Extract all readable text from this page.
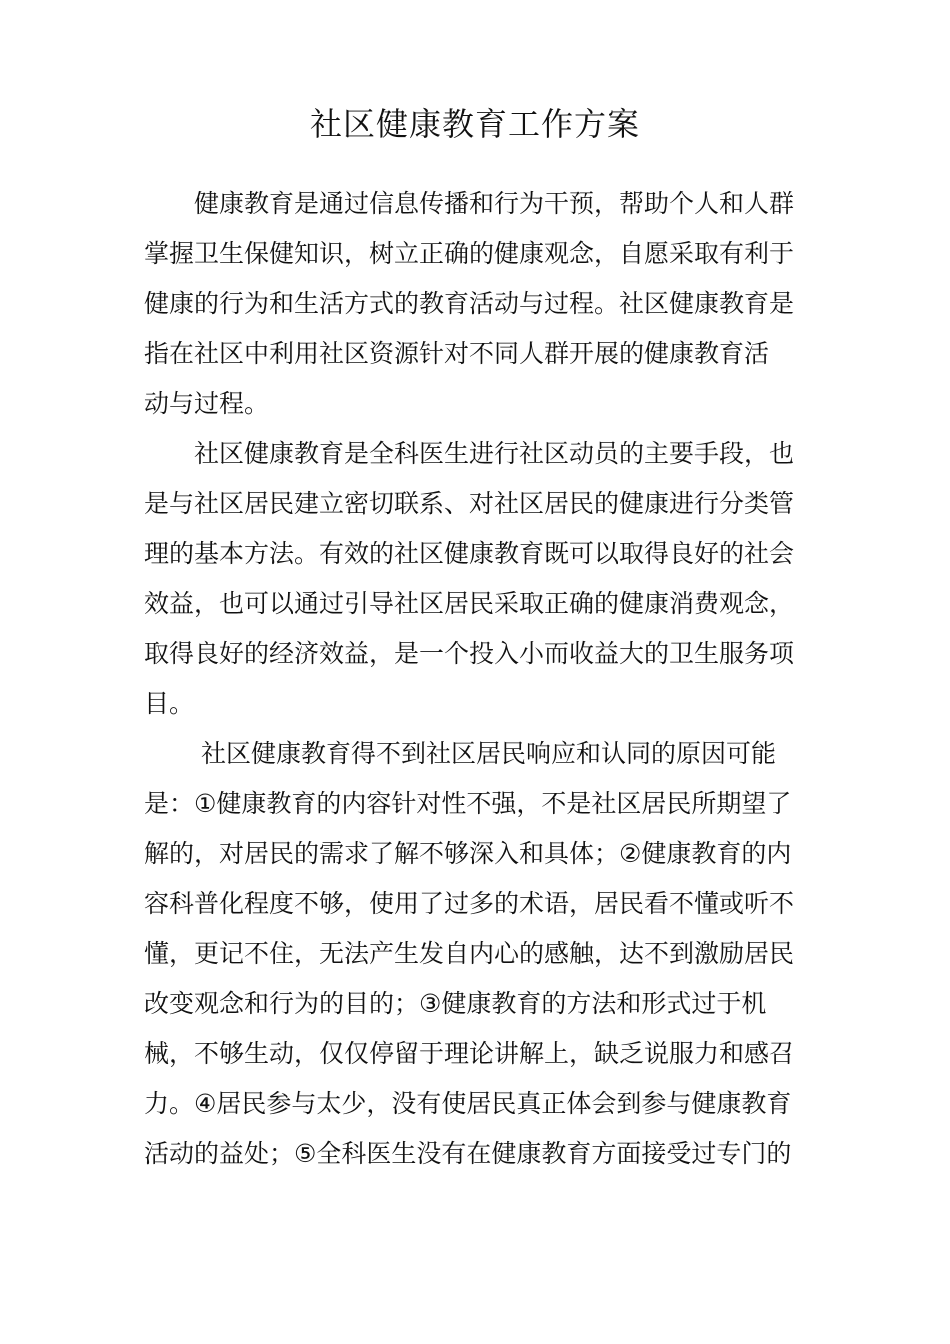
社区健康教育工作方案

健康教育是通过信息传播和行为干预，帮助个人和人群
掌握卫生保健知识，树立正确的健康观念，自愿采取有利于
健康的行为和生活方式的教育活动与过程。社区健康教育是
指在社区中利用社区资源针对不同人群开展的健康教育活
动与过程。

社区健康教育是全科医生进行社区动员的主要手段，也
是与社区居民建立密切联系、对社区居民的健康进行分类管
理的基本方法。有效的社区健康教育既可以取得良好的社会
效益，也可以通过引导社区居民采取正确的健康消费观念，
取得良好的经济效益，是一个投入小而收益大的卫生服务项
目。

社区健康教育得不到社区居民响应和认同的原因可能
是：①健康教育的内容针对性不强，不是社区居民所期望了
解的，对居民的需求了解不够深入和具体；②健康教育的内
容科普化程度不够，使用了过多的术语，居民看不懂或听不
懂，更记不住，无法产生发自内心的感触，达不到激励居民
改变观念和行为的目的；③健康教育的方法和形式过于机
械，不够生动，仅仅停留于理论讲解上，缺乏说服力和感召
力。④居民参与太少，没有使居民真正体会到参与健康教育
活动的益处；⑤全科医生没有在健康教育方面接受过专门的
